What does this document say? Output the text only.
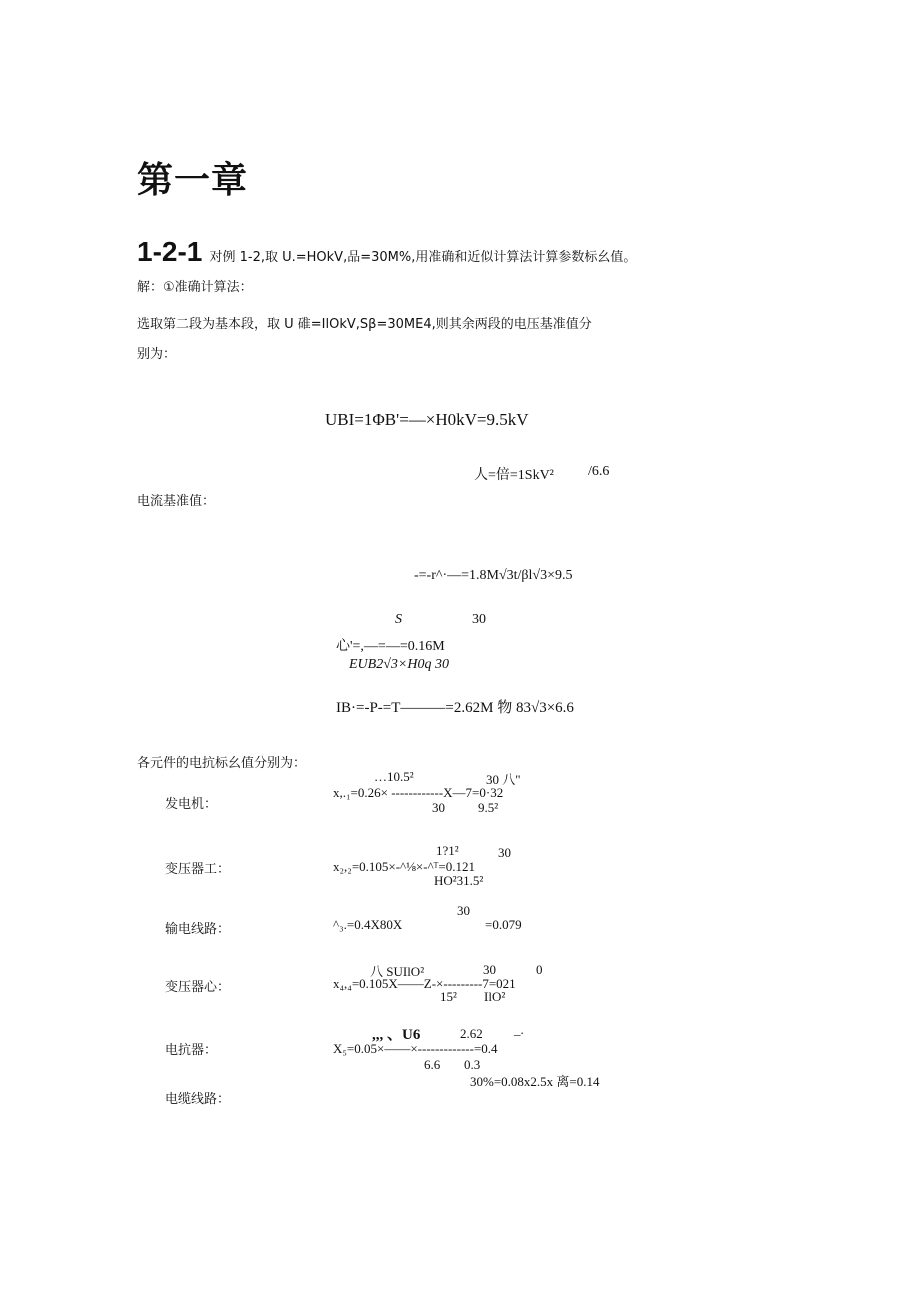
第一章
1-2-1 对例 1-2,取 U.=HOkV,品=30M%,用准确和近似计算法计算参数标幺值。
解：①准确计算法：
选取第二段为基本段，取 U 碓=IlOkV,Sβ=30ME4,则其余两段的电压基准值分
别为：
UBI=1ΦB'=—×H0kV=9.5kV
人=倍=1SkV² /6.6
电流基准值：
-=-r^·—=1.8M√3t/βl√3×9.5
S	30
心'=,—=—=0.16M
EUB2√3×H0q 30
IB·=-P-=T———=2.62M 物 83√3×6.6
各元件的电抗标幺值分别为：
发电机：
…10.5²	30 八"
x,.₁=0.26× ------------X—7=0·32
30	9.5²
变压器工：
1?1²	30
x₂,₂=0.105×-^⅛×-^ᵀ=0.121
HO²31.5²
输电线路：
30
^₃.=0.4X80X	=0.079
变压器心：
八 SUIlO²	30	0
x₄,₄=0.105X——Z-×---------7=021
15² IlO²
电抗器：
,,, 、U6	2.62 _.
X₅=0.05×——×-------------=0.4
6.6 0.3
30%=0.08x2.5x 离=0.14
电缆线路：
